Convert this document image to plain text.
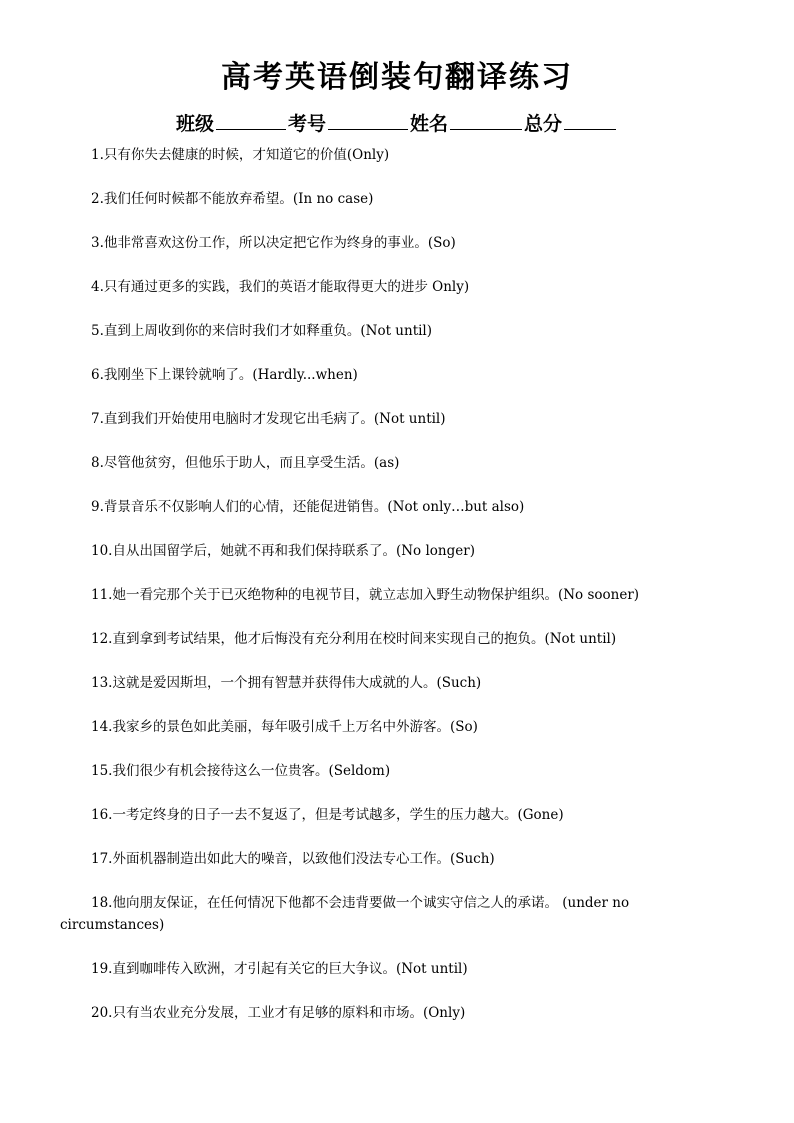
高考英语倒装句翻译练习
班级	考号	姓名	总分

1.只有你失去健康的时候，才知道它的价值(Only)

2.我们任何时候都不能放弃希望。(In no case)

3.他非常喜欢这份工作，所以决定把它作为终身的事业。(So)

4.只有通过更多的实践，我们的英语才能取得更大的进步 Only)

5.直到上周收到你的来信时我们才如释重负。(Not until)

6.我刚坐下上课铃就响了。(Hardly...when)

7.直到我们开始使用电脑时才发现它出毛病了。(Not until)

8.尽管他贫穷，但他乐于助人，而且享受生活。(as)

9.背景音乐不仅影响人们的心情，还能促进销售。(Not only…but also)

10.自从出国留学后，她就不再和我们保持联系了。(No longer)

11.她一看完那个关于已灭绝物种的电视节目，就立志加入野生动物保护组织。(No sooner)

12.直到拿到考试结果，他才后悔没有充分利用在校时间来实现自己的抱负。(Not until)

13.这就是爱因斯坦，一个拥有智慧并获得伟大成就的人。(Such)

14.我家乡的景色如此美丽，每年吸引成千上万名中外游客。(So)

15.我们很少有机会接待这么一位贵客。(Seldom)

16.一考定终身的日子一去不复返了，但是考试越多，学生的压力越大。(Gone)

17.外面机器制造出如此大的噪音，以致他们没法专心工作。(Such)

18.他向朋友保证，在任何情况下他都不会违背要做一个诚实守信之人的承诺。 (under no circumstances)

19.直到咖啡传入欧洲，才引起有关它的巨大争议。(Not until)

20.只有当农业充分发展，工业才有足够的原料和市场。(Only)
